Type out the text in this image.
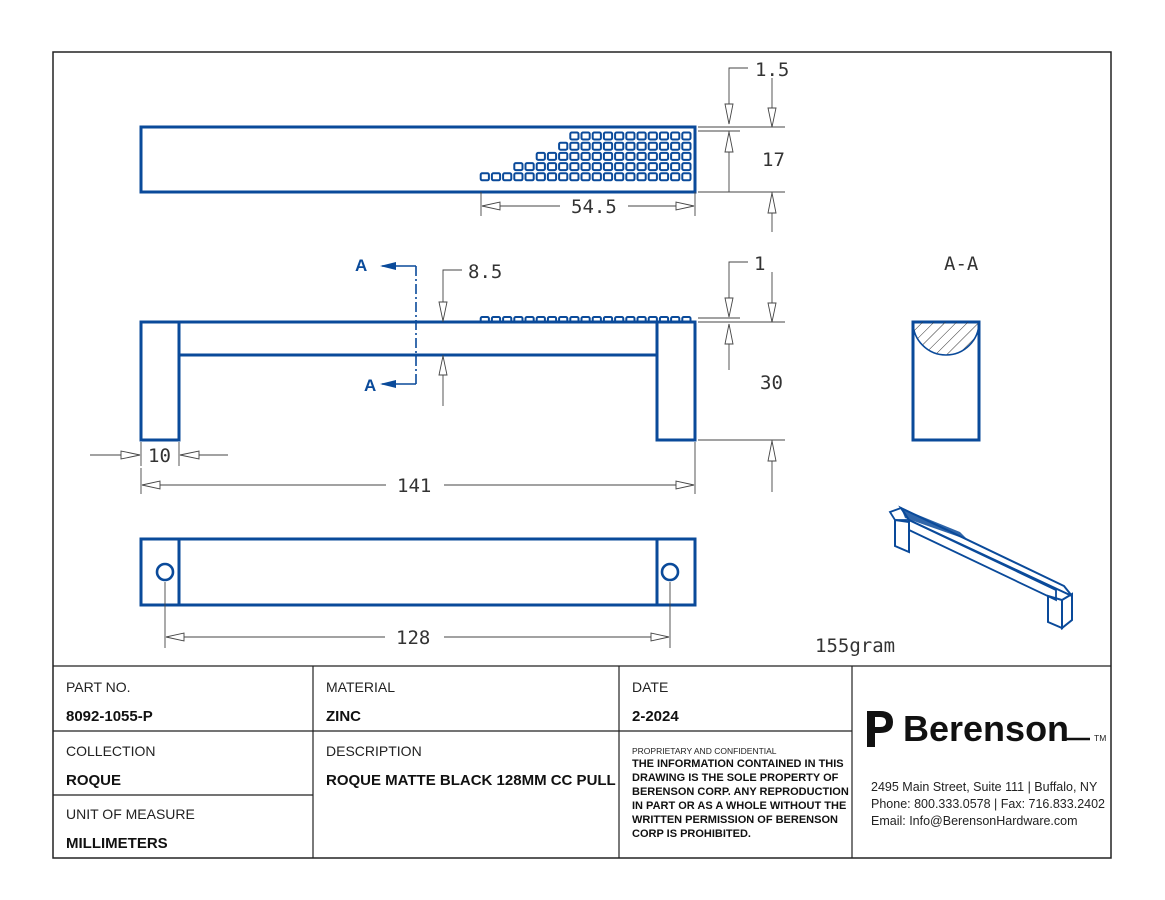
1.5
17
54.5
A
A
8.5	1
30
10
141
A-A
128	155gram
PART NO.
8092-1055-P
MATERIAL
ZINC
DATE
2-2024
COLLECTION
ROQUE
DESCRIPTION
ROQUE MATTE BLACK 128MM CC PULL
UNIT OF MEASURE
MILLIMETERS
PROPRIETARY AND CONFIDENTIAL
THE INFORMATION CONTAINED IN THIS
DRAWING IS THE SOLE PROPERTY OF
BERENSON CORP. ANY REPRODUCTION
IN PART OR AS A WHOLE WITHOUT THE
WRITTEN PERMISSION OF BERENSON
CORP IS PROHIBITED.
Berenson	TM
2495 Main Street, Suite 111 | Buffalo, NY
Phone: 800.333.0578 | Fax: 716.833.2402
Email: Info@BerensonHardware.com
